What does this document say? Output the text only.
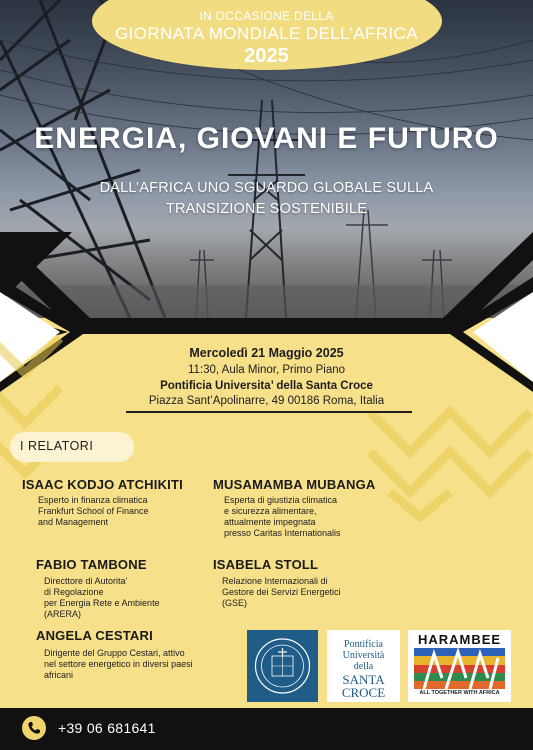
IN OCCASIONE DELLA
GIORNATA MONDIALE DELL’AFRICA
2025
ENERGIA, GIOVANI E FUTURO
DALL’AFRICA UNO SGUARDO GLOBALE SULLA TRANSIZIONE SOSTENIBILE
Mercoledì 21 Maggio 2025
11:30, Aula Minor, Primo Piano
Pontificia Universita’ della Santa Croce
Piazza Sant’Apolinarre, 49 00186 Roma, Italia
I RELATORI
ISAAC KODJO ATCHIKITI
Esperto in finanza climatica
Frankfurt School of Finance
and Management
MUSAMAMBA MUBANGA
Esperta di giustizia climatica
e sicurezza alimentare,
attualmente impegnata
presso Caritas Internationalis
FABIO TAMBONE
Directtore di Autorita’
di Regolazione
per Energia Rete e Ambiente
(ARERA)
ISABELA STOLL
Relazione Internazionali di
Gestore dei Servizi Energetici
(GSE)
ANGELA CESTARI
Dirigente del Gruppo Cestari, attivo
nel settore energetico in diversi paesi
africani
Pontificia
Università
della
SANTA
CROCE
HARAMBEE
ALL TOGETHER WITH AFRICA
+39 06 681641
